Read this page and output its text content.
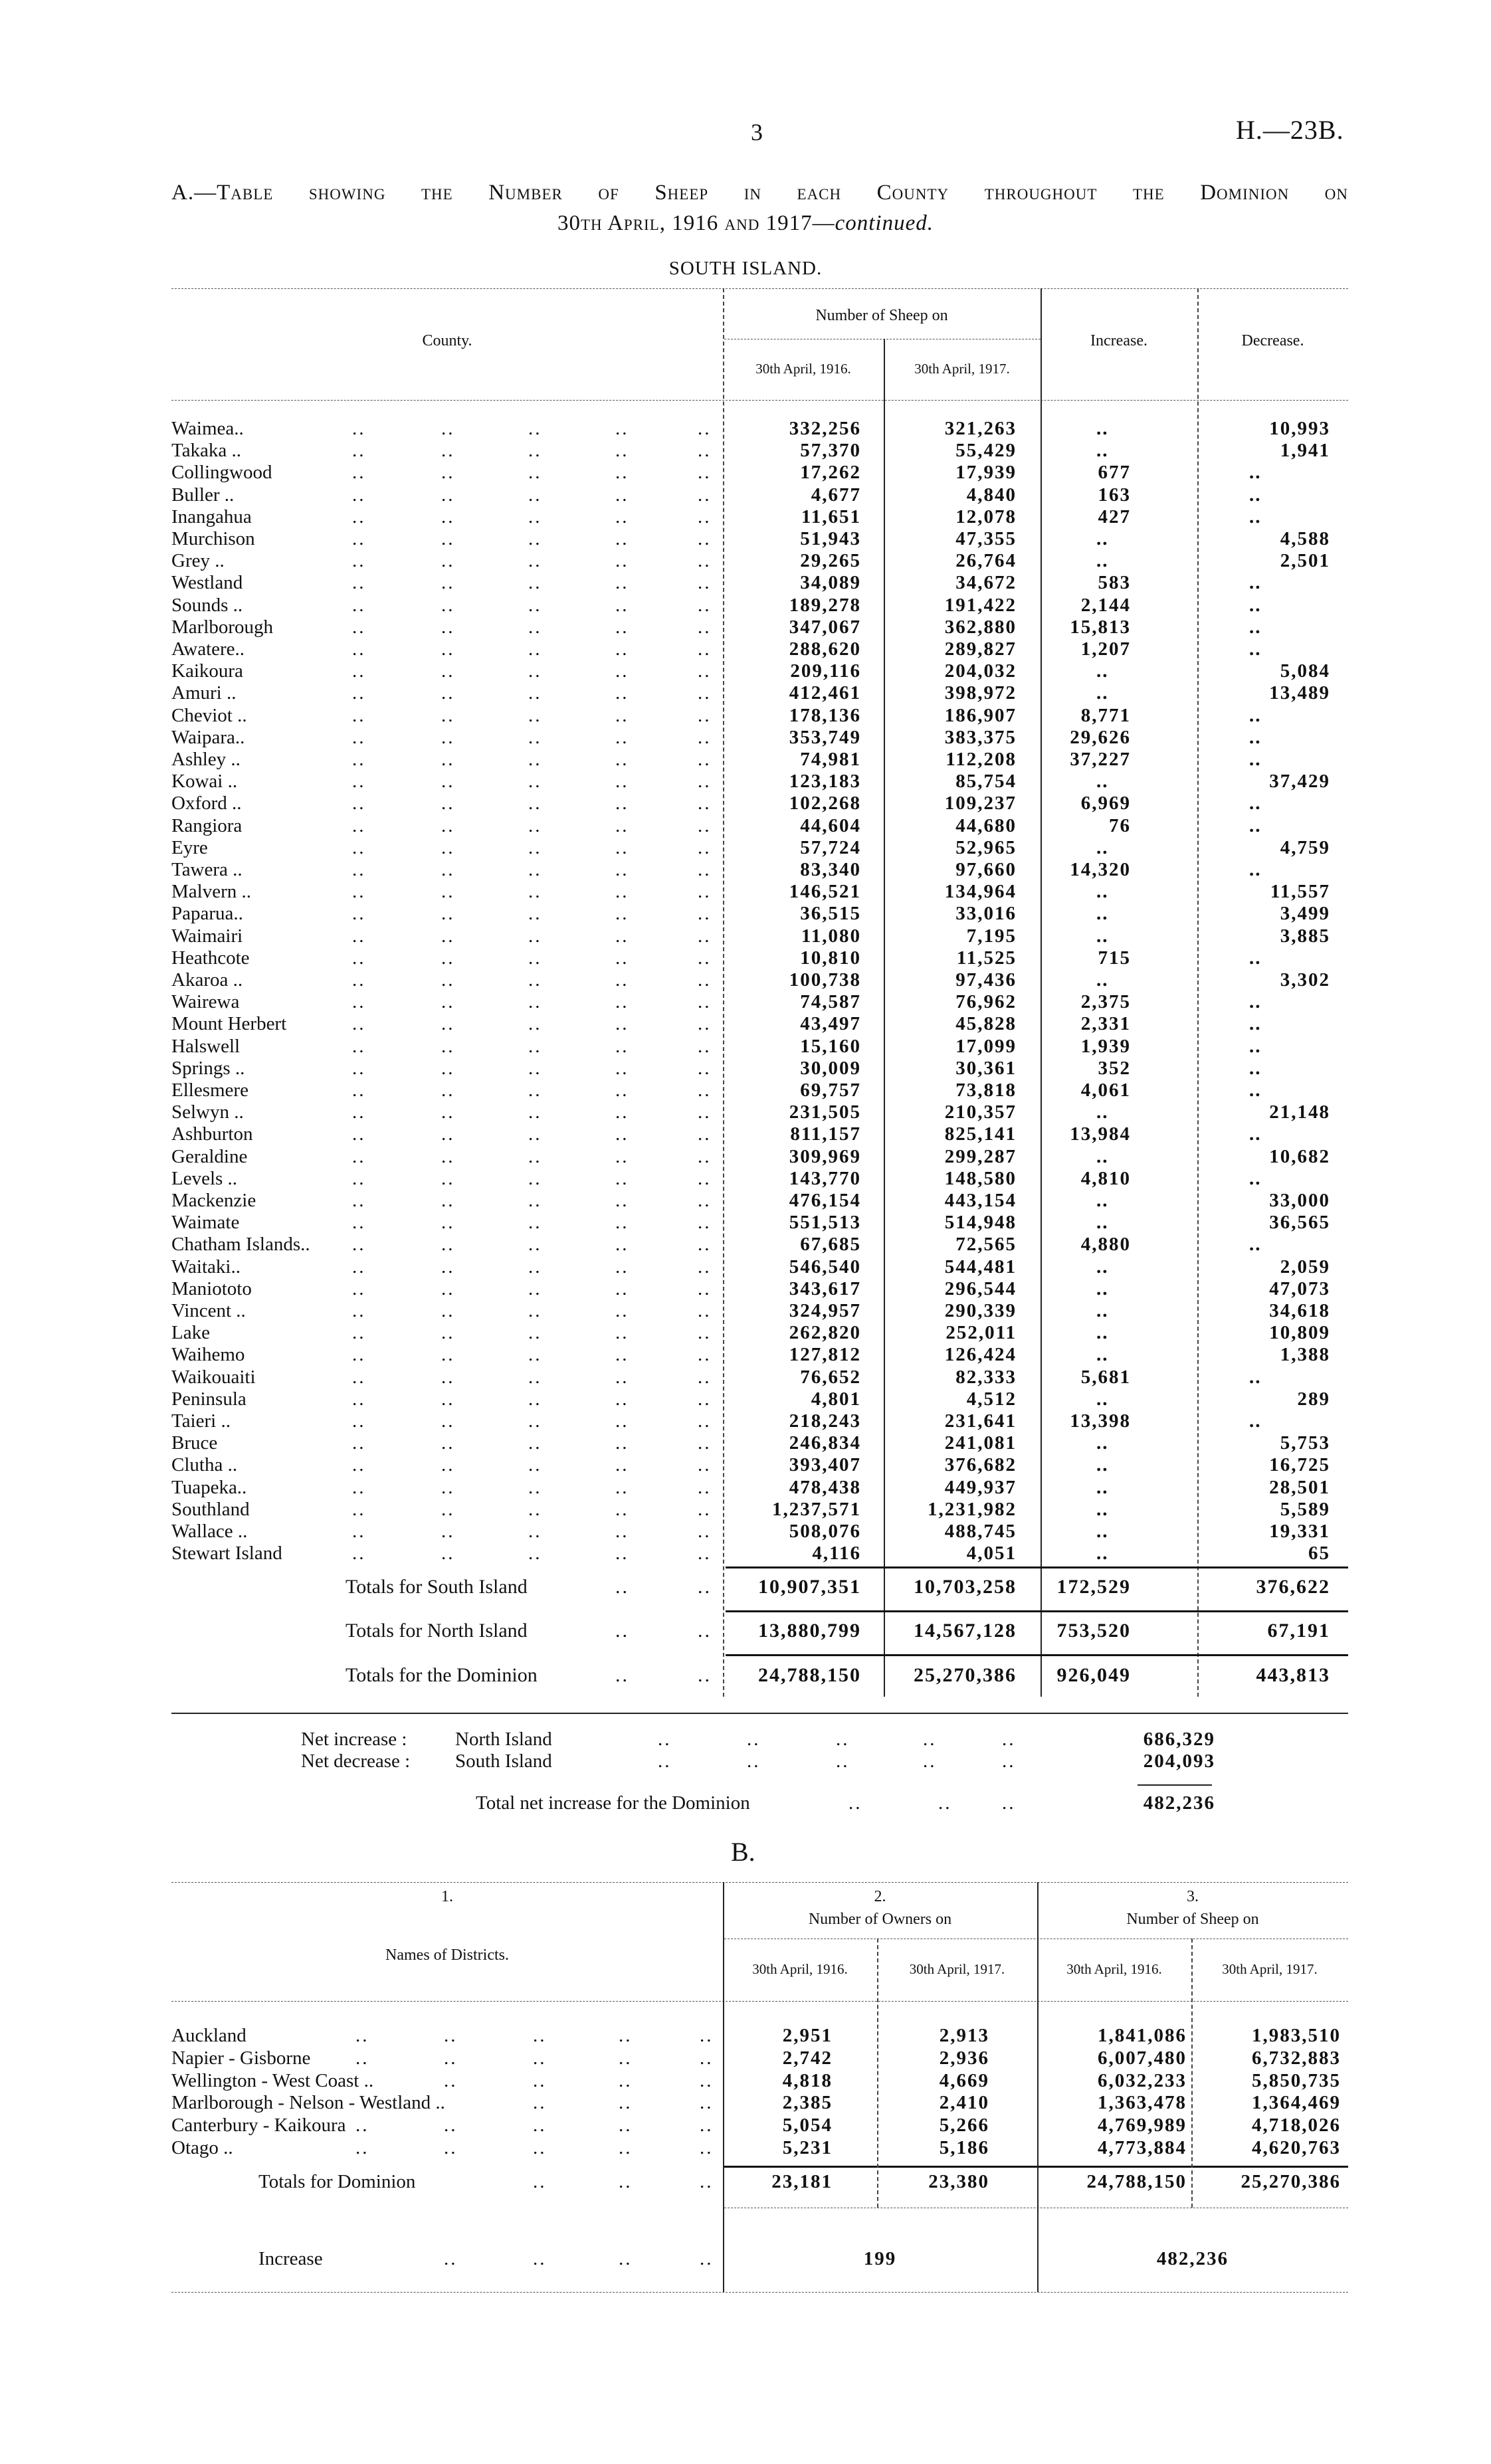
3	H.—23B.
A.—Table showing the Number of Sheep in each County throughout the Dominion on
30th April, 1916 and 1917—continued.
SOUTH ISLAND.
County.
Number of Sheep on
30th April, 1916.	30th April, 1917.
Increase.	Decrease.
Waimea..	..	..	..	..	..	332,256	321,263	..	10,993
Takaka ..	..	..	..	..	..	57,370	55,429	..	1,941
Collingwood	..	..	..	..	..	17,262	17,939	677	..
Buller ..	..	..	..	..	..	4,677	4,840	163	..
Inangahua	..	..	..	..	..	11,651	12,078	427	..
Murchison	..	..	..	..	..	51,943	47,355	..	4,588
Grey ..	..	..	..	..	..	29,265	26,764	..	2,501
Westland	..	..	..	..	..	34,089	34,672	583	..
Sounds ..	..	..	..	..	..	189,278	191,422	2,144	..
Marlborough	..	..	..	..	..	347,067	362,880	15,813	..
Awatere..	..	..	..	..	..	288,620	289,827	1,207	..
Kaikoura	..	..	..	..	..	209,116	204,032	..	5,084
Amuri ..	..	..	..	..	..	412,461	398,972	..	13,489
Cheviot ..	..	..	..	..	..	178,136	186,907	8,771	..
Waipara..	..	..	..	..	..	353,749	383,375	29,626	..
Ashley ..	..	..	..	..	..	74,981	112,208	37,227	..
Kowai ..	..	..	..	..	..	123,183	85,754	..	37,429
Oxford ..	..	..	..	..	..	102,268	109,237	6,969	..
Rangiora	..	..	..	..	..	44,604	44,680	76	..
Eyre	..	..	..	..	..	57,724	52,965	..	4,759
Tawera ..	..	..	..	..	..	83,340	97,660	14,320	..
Malvern ..	..	..	..	..	..	146,521	134,964	..	11,557
Paparua..	..	..	..	..	..	36,515	33,016	..	3,499
Waimairi	..	..	..	..	..	11,080	7,195	..	3,885
Heathcote	..	..	..	..	..	10,810	11,525	715	..
Akaroa ..	..	..	..	..	..	100,738	97,436	..	3,302
Wairewa	..	..	..	..	..	74,587	76,962	2,375	..
Mount Herbert	..	..	..	..	..	43,497	45,828	2,331	..
Halswell	..	..	..	..	..	15,160	17,099	1,939	..
Springs ..	..	..	..	..	..	30,009	30,361	352	..
Ellesmere	..	..	..	..	..	69,757	73,818	4,061	..
Selwyn ..	..	..	..	..	..	231,505	210,357	..	21,148
Ashburton	..	..	..	..	..	811,157	825,141	13,984	..
Geraldine	..	..	..	..	..	309,969	299,287	..	10,682
Levels ..	..	..	..	..	..	143,770	148,580	4,810	..
Mackenzie	..	..	..	..	..	476,154	443,154	..	33,000
Waimate	..	..	..	..	..	551,513	514,948	..	36,565
Chatham Islands.. ..	..	..	..	..	67,685	72,565	4,880	..
Waitaki..	..	..	..	..	..	546,540	544,481	..	2,059
Maniototo	..	..	..	..	..	343,617	296,544	..	47,073
Vincent ..	..	..	..	..	..	324,957	290,339	..	34,618
Lake	..	..	..	..	..	262,820	252,011	..	10,809
Waihemo	..	..	..	..	..	127,812	126,424	..	1,388
Waikouaiti	..	..	..	..	..	76,652	82,333	5,681	..
Peninsula	..	..	..	..	..	4,801	4,512	..	289
Taieri ..	..	..	..	..	..	218,243	231,641	13,398	..
Bruce	..	..	..	..	..	246,834	241,081	..	5,753
Clutha ..	..	..	..	..	..	393,407	376,682	..	16,725
Tuapeka..	..	..	..	..	..	478,438	449,937	..	28,501
Southland	..	..	..	..	..	1,237,571	1,231,982	..	5,589
Wallace ..	..	..	..	..	..	508,076	488,745	..	19,331
Stewart Island	..	..	..	..	..	4,116	4,051	..	65
Totals for South Island	..	.. 10,907,351	10,703,258 172,529	376,622
Totals for North Island	..	.. 13,880,799	14,567,128 753,520	67,191
Totals for the Dominion	..	.. 24,788,150	25,270,386 926,049	443,813
Net increase :	North Island	..	..	..	..	..	686,329
Net decrease : South Island	..	..	..	..	..	204,093
Total net increase for the Dominion	..	..	..	482,236
B.
1.
Names of Districts.
2.
Number of Owners on
3.
Number of Sheep on
30th April, 1916.	30th April, 1917.	30th April, 1916.	30th April, 1917.
Auckland	..	..	..	..	..	2,951	2,913	1,841,086	1,983,510
Napier - Gisborne ..	..	..	..	..	2,742	2,936	6,007,480	6,732,883
Wellington - West Coast ..	..	..	..	..	4,818	4,669	6,032,233	5,850,735
Marlborough - Nelson - Westland ..	..	..	..	2,385	2,410	1,363,478	1,364,469
Canterbury - Kaikoura ..	..	..	..	..	5,054	5,266	4,769,989	4,718,026
Otago ..	..	..	..	..	..	5,231	5,186	4,773,884	4,620,763
Totals for Dominion	..	..	..	23,181	23,380	24,788,150	25,270,386
Increase	..	..	..	..	199	482,236
